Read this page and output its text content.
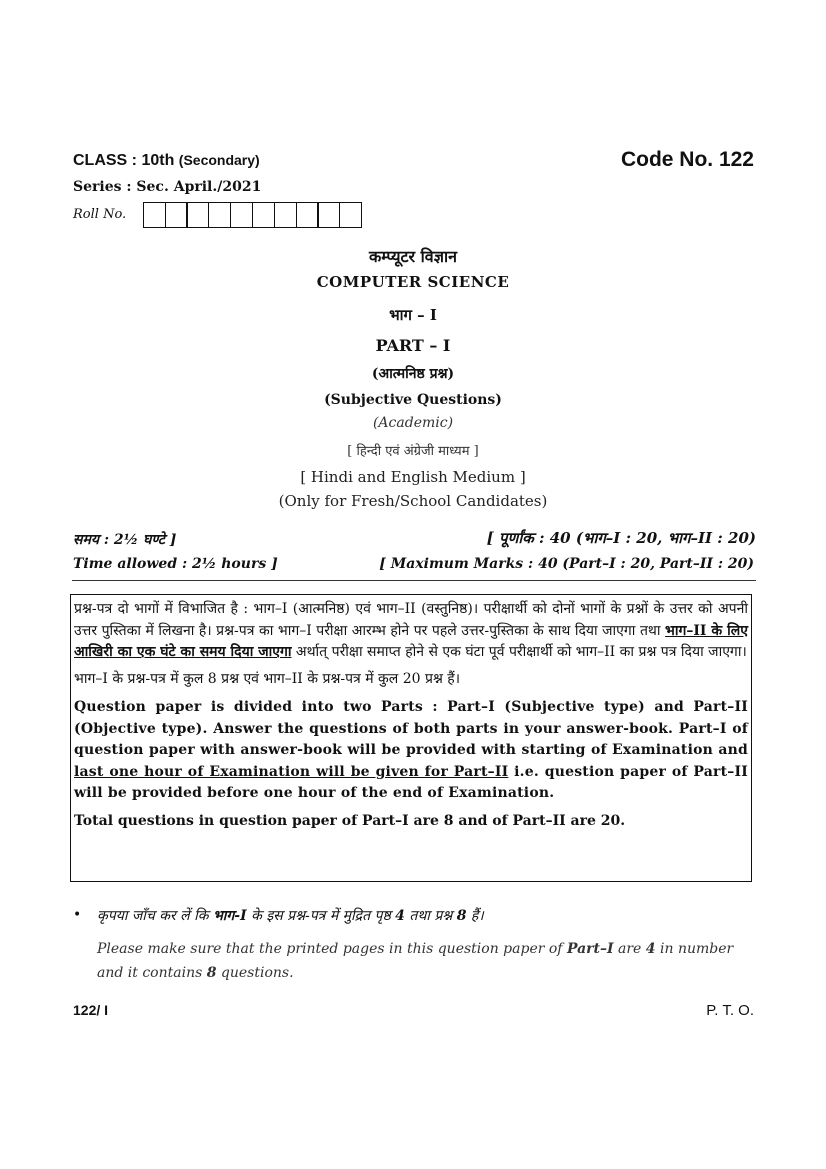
CLASS : 10th (Secondary)	Code No. 122
Series : Sec. April./2021
Roll No.
कम्प्यूटर विज्ञान
COMPUTER SCIENCE
भाग – I
PART – I
(आत्मनिष्ठ प्रश्न)
(Subjective Questions)
(Academic)
[ हिन्दी एवं अंग्रेजी माध्यम ]
[ Hindi and English Medium ]
(Only for Fresh/School Candidates)
समय : 2½ घण्टे ]	[ पूर्णांक : 40 (भाग–I : 20, भाग–II : 20)
Time allowed : 2½ hours ]	[ Maximum Marks : 40 (Part–I : 20, Part–II : 20)

प्रश्न-पत्र दो भागों में विभाजित है : भाग–I (आत्मनिष्ठ) एवं भाग–II (वस्तुनिष्ठ)। परीक्षार्थी को दोनों भागों के प्रश्नों के उत्तर को अपनी उत्तर पुस्तिका में लिखना है। प्रश्न-पत्र का भाग–I परीक्षा आरम्भ होने पर पहले उत्तर-पुस्तिका के साथ दिया जाएगा तथा भाग–II के लिए आखिरी का एक घंटे का समय दिया जाएगा अर्थात् परीक्षा समाप्त होने से एक घंटा पूर्व परीक्षार्थी को भाग–II का प्रश्न पत्र दिया जाएगा।

भाग–I के प्रश्न-पत्र में कुल 8 प्रश्न एवं भाग–II के प्रश्न-पत्र में कुल 20 प्रश्न हैं।

Question paper is divided into two Parts : Part–I (Subjective type) and Part–II (Objective type). Answer the questions of both parts in your answer-book. Part–I of question paper with answer-book will be provided with starting of Examination and last one hour of Examination will be given for Part–II i.e. question paper of Part–II will be provided before one hour of the end of Examination.

Total questions in question paper of Part–I are 8 and of Part–II are 20.

• कृपया जाँच कर लें कि भाग-I के इस प्रश्न-पत्र में मुद्रित पृष्ठ 4 तथा प्रश्न 8 हैं।
Please make sure that the printed pages in this question paper of Part–I are 4 in number and it contains 8 questions.
122/ I	P. T. O.
